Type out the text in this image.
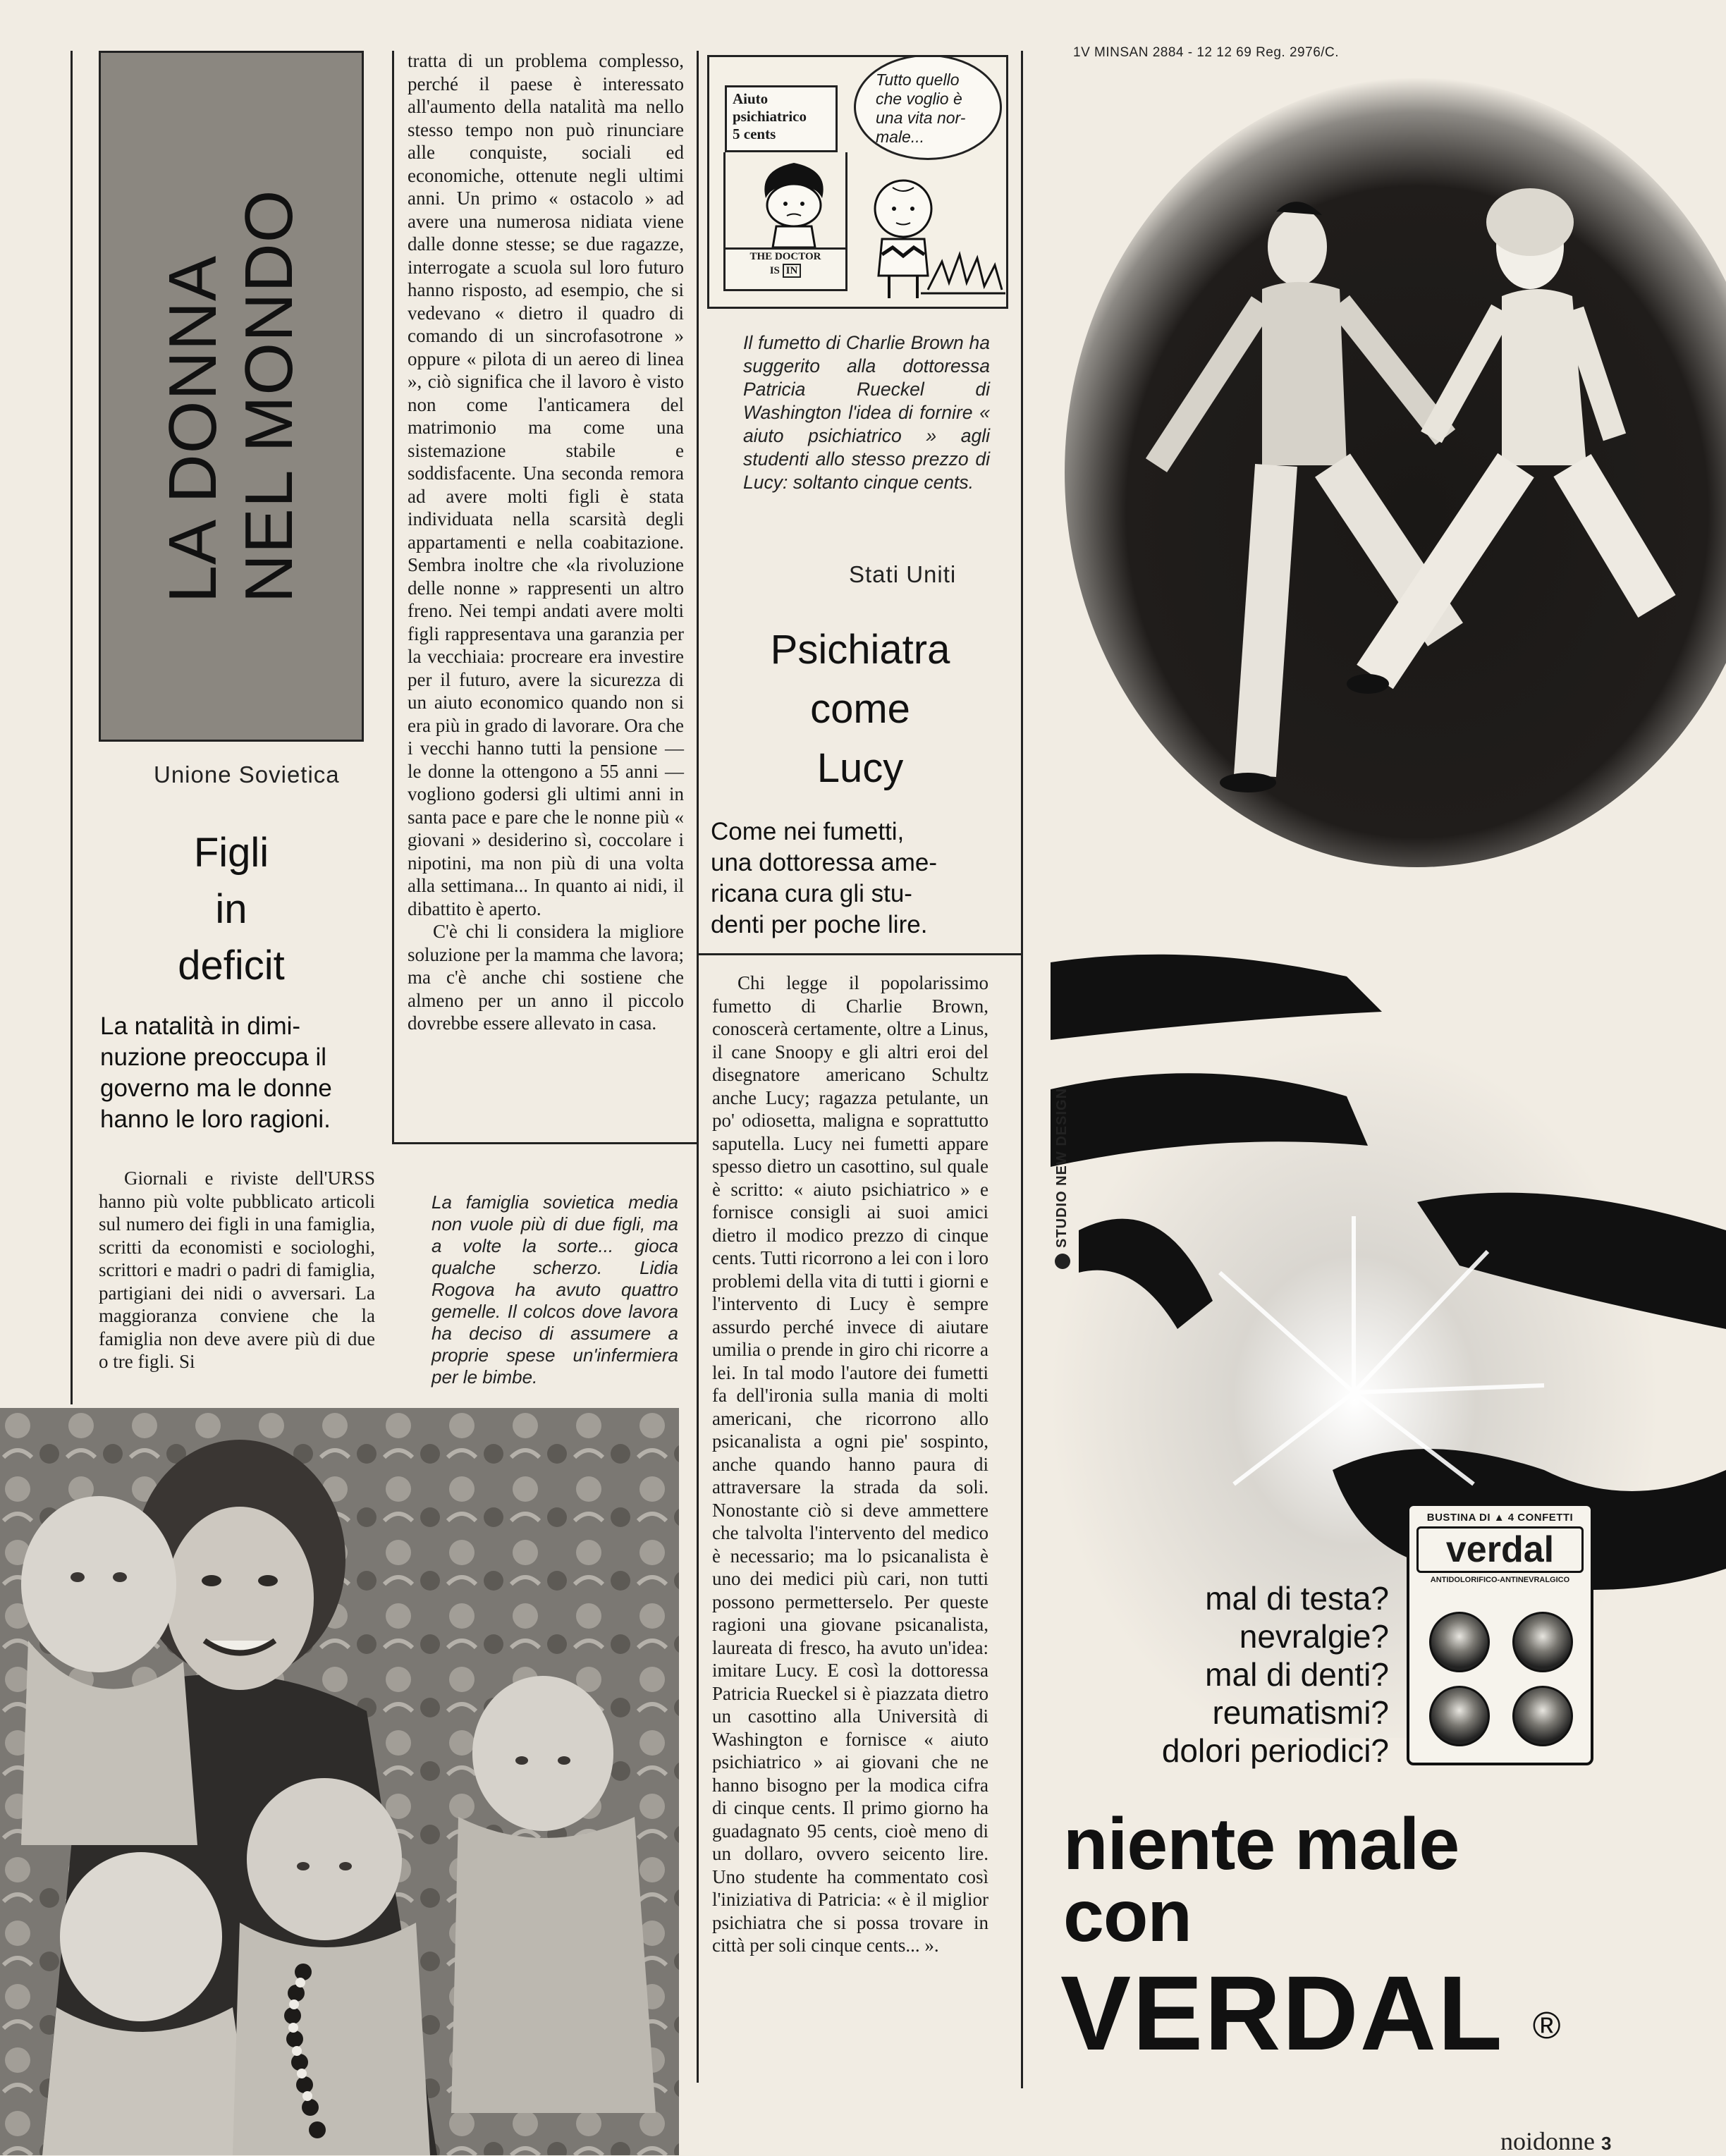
LA DONNA NEL MONDO
Unione Sovietica
Figli
in
deficit
La natalità in dimi-
nuzione preoccupa il
governo ma le donne
hanno le loro ragioni.

Giornali e riviste dell'URSS hanno più volte pubblicato articoli sul numero dei figli in una famiglia, scritti da economisti e sociologhi, scrittori e madri o padri di famiglia, partigiani dei nidi o avversari. La maggioranza conviene che la famiglia non deve avere più di due o tre figli. Si

tratta di un problema complesso, perché il paese è interessato all'aumento della natalità ma nello stesso tempo non può rinunciare alle conquiste, sociali ed economiche, ottenute negli ultimi anni. Un primo « ostacolo » ad avere una numerosa nidiata viene dalle donne stesse; se due ragazze, interrogate a scuola sul loro futuro hanno risposto, ad esempio, che si vedevano « dietro il quadro di comando di un sincrofasotrone » oppure « pilota di un aereo di linea », ciò significa che il lavoro è visto non come l'anticamera del matrimonio ma come una sistemazione stabile e soddisfacente. Una seconda remora ad avere molti figli è stata individuata nella scarsità degli appartamenti e nella coabitazione. Sembra inoltre che «la rivoluzione delle nonne » rappresenti un altro freno. Nei tempi andati avere molti figli rappresentava una garanzia per la vecchiaia: procreare era investire per il futuro, avere la sicurezza di un aiuto economico quando non si era più in grado di lavorare. Ora che i vecchi hanno tutti la pensione — le donne la ottengono a 55 anni — vogliono godersi gli ultimi anni in santa pace e pare che le nonne più « giovani » desiderino sì, coccolare i nipotini, ma non più di una volta alla settimana... In quanto ai nidi, il dibattito è aperto.

C'è chi li considera la migliore soluzione per la mamma che lavora; ma c'è anche chi sostiene che almeno per un anno il piccolo dovrebbe essere allevato in casa.

La famiglia sovietica media non vuole più di due figli, ma a volte la sorte... gioca qualche scherzo. Lidia Rogova ha avuto quattro gemelle. Il colcos dove lavora ha deciso di assumere a proprie spese un'infermiera per le bimbe.
Aiuto
psichiatrico
5 cents
THE DOCTOR
IS IN
Tutto quello
che voglio è
una vita nor-
male...
Il fumetto di Charlie Brown ha suggerito alla dottoressa Patricia Rueckel di Washington l'idea di fornire « aiuto psichiatrico » agli studenti allo stesso prezzo di Lucy: soltanto cinque cents.
Stati Uniti
Psichiatra
come
Lucy
Come nei fumetti,
una dottoressa ame-
ricana cura gli stu-
denti per poche lire.

Chi legge il popolarissimo fumetto di Charlie Brown, conoscerà certamente, oltre a Linus, il cane Snoopy e gli altri eroi del disegnatore americano Schultz anche Lucy; ragazza petulante, un po' odiosetta, maligna e soprattutto saputella. Lucy nei fumetti appare spesso dietro un casottino, sul quale è scritto: « aiuto psichiatrico » e fornisce consigli ai suoi amici dietro il modico prezzo di cinque cents. Tutti ricorrono a lei con i loro problemi della vita di tutti i giorni e l'intervento di Lucy è sempre assurdo perché invece di aiutare umilia o prende in giro chi ricorre a lei. In tal modo l'autore dei fumetti fa dell'ironia sulla mania di molti americani, che ricorrono allo psicanalista a ogni pie' sospinto, anche quando hanno paura di attraversare la strada da soli. Nonostante ciò si deve ammettere che talvolta l'intervento del medico è necessario; ma lo psicanalista è uno dei medici più cari, non tutti possono permetterselo. Per queste ragioni una giovane psicanalista, laureata di fresco, ha avuto un'idea: imitare Lucy. E così la dottoressa Patricia Rueckel si è piazzata dietro un casottino alla Università di Washington e fornisce « aiuto psichiatrico » ai giovani che ne hanno bisogno per la modica cifra di cinque cents. Il primo giorno ha guadagnato 95 cents, cioè meno di un dollaro, ovvero seicento lire. Uno studente ha commentato così l'iniziativa di Patricia: « è il miglior psichiatra che si possa trovare in città per soli cinque cents... ».

1V MINSAN 2884 - 12 12 69 Reg. 2976/C.
STUDIO NEW DESIGN
BUSTINA DI ▲ 4 CONFETTI
verdal
ANTIDOLORIFICO-ANTINEVRALGICO
mal di testa?
nevralgie?
mal di denti?
reumatismi?
dolori periodici?
niente male
con
VERDAL ®
noidonne 3
